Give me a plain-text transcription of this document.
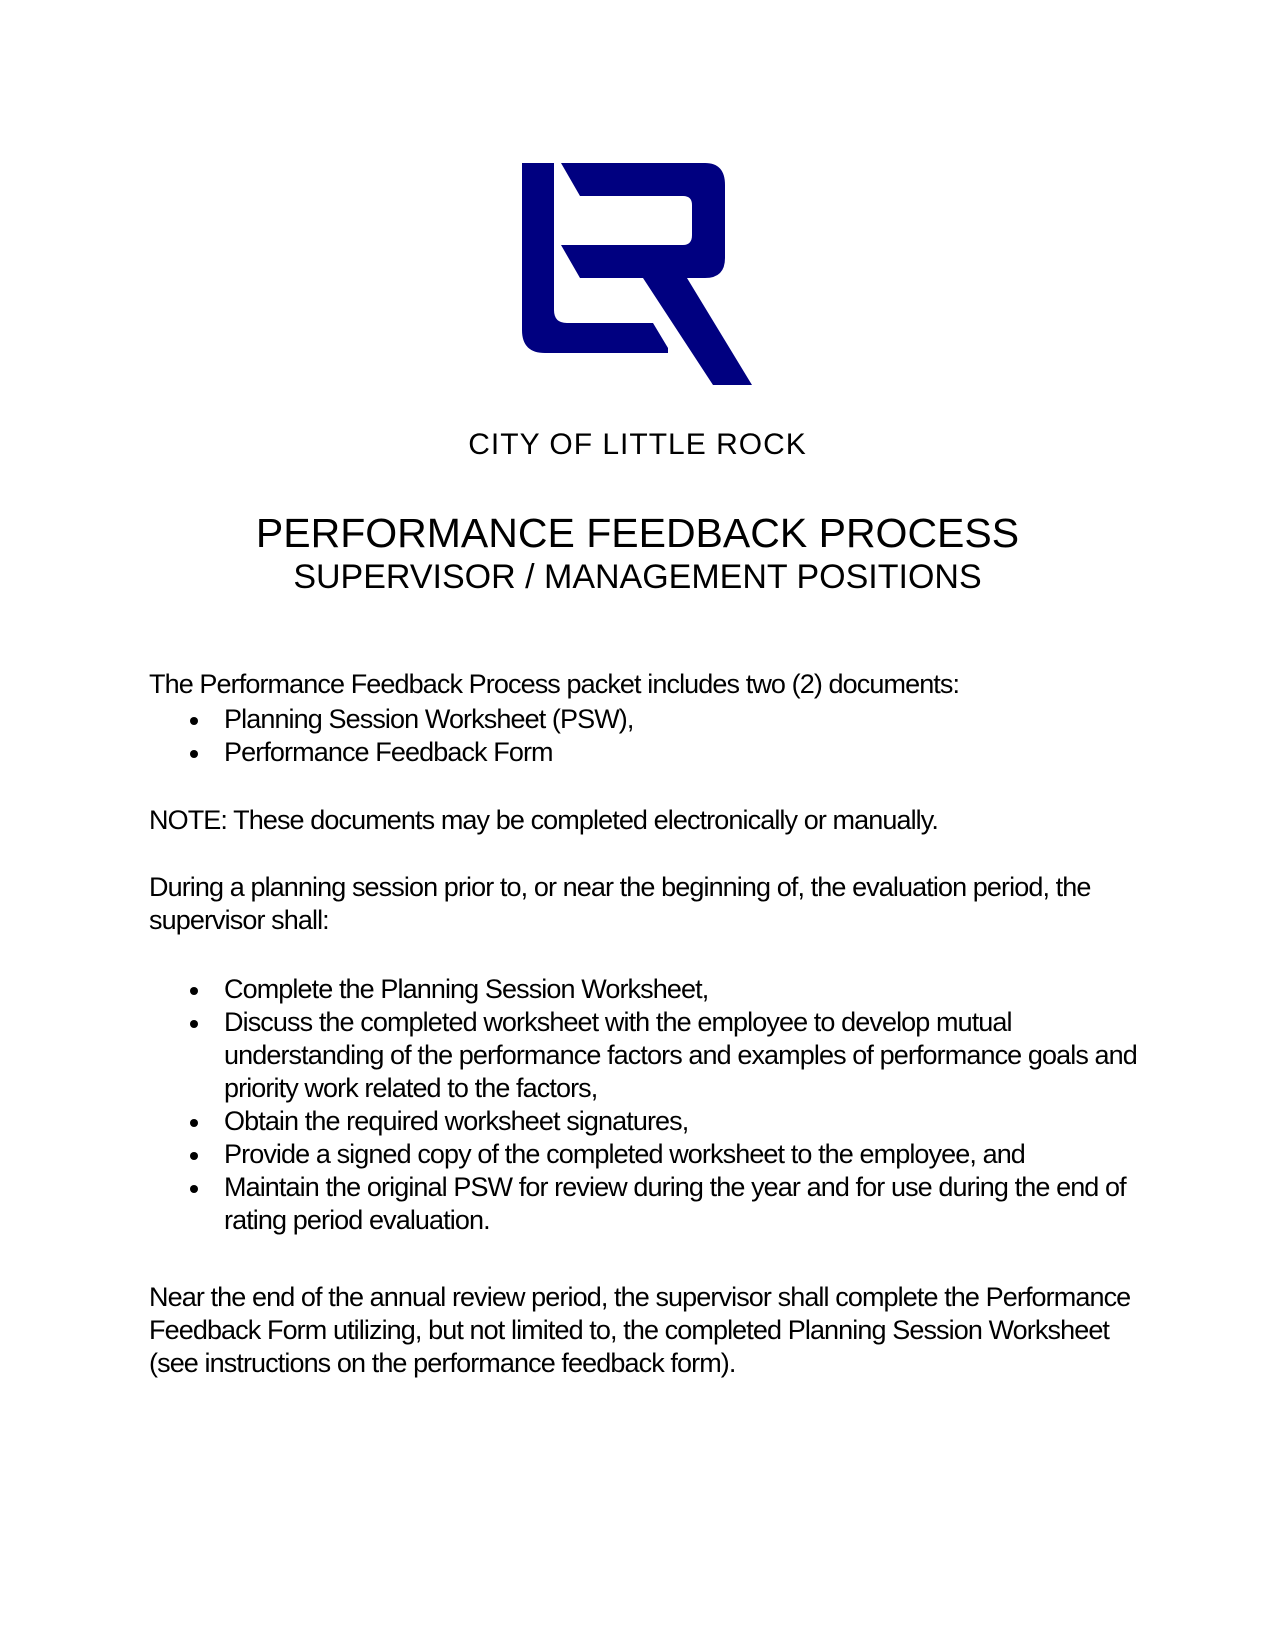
CITY OF LITTLE ROCK
PERFORMANCE FEEDBACK PROCESS
SUPERVISOR / MANAGEMENT POSITIONS

The Performance Feedback Process packet includes two (2) documents:

Planning Session Worksheet (PSW),
Performance Feedback Form

NOTE: These documents may be completed electronically or manually.

During a planning session prior to, or near the beginning of, the evaluation period, the supervisor shall:

Complete the Planning Session Worksheet,
Discuss the completed worksheet with the employee to develop mutual understanding of the performance factors and examples of performance goals and priority work related to the factors,
Obtain the required worksheet signatures,
Provide a signed copy of the completed worksheet to the employee, and
Maintain the original PSW for review during the year and for use during the end of rating period evaluation.

Near the end of the annual review period, the supervisor shall complete the Performance Feedback Form utilizing, but not limited to, the completed Planning Session Worksheet (see instructions on the performance feedback form).
